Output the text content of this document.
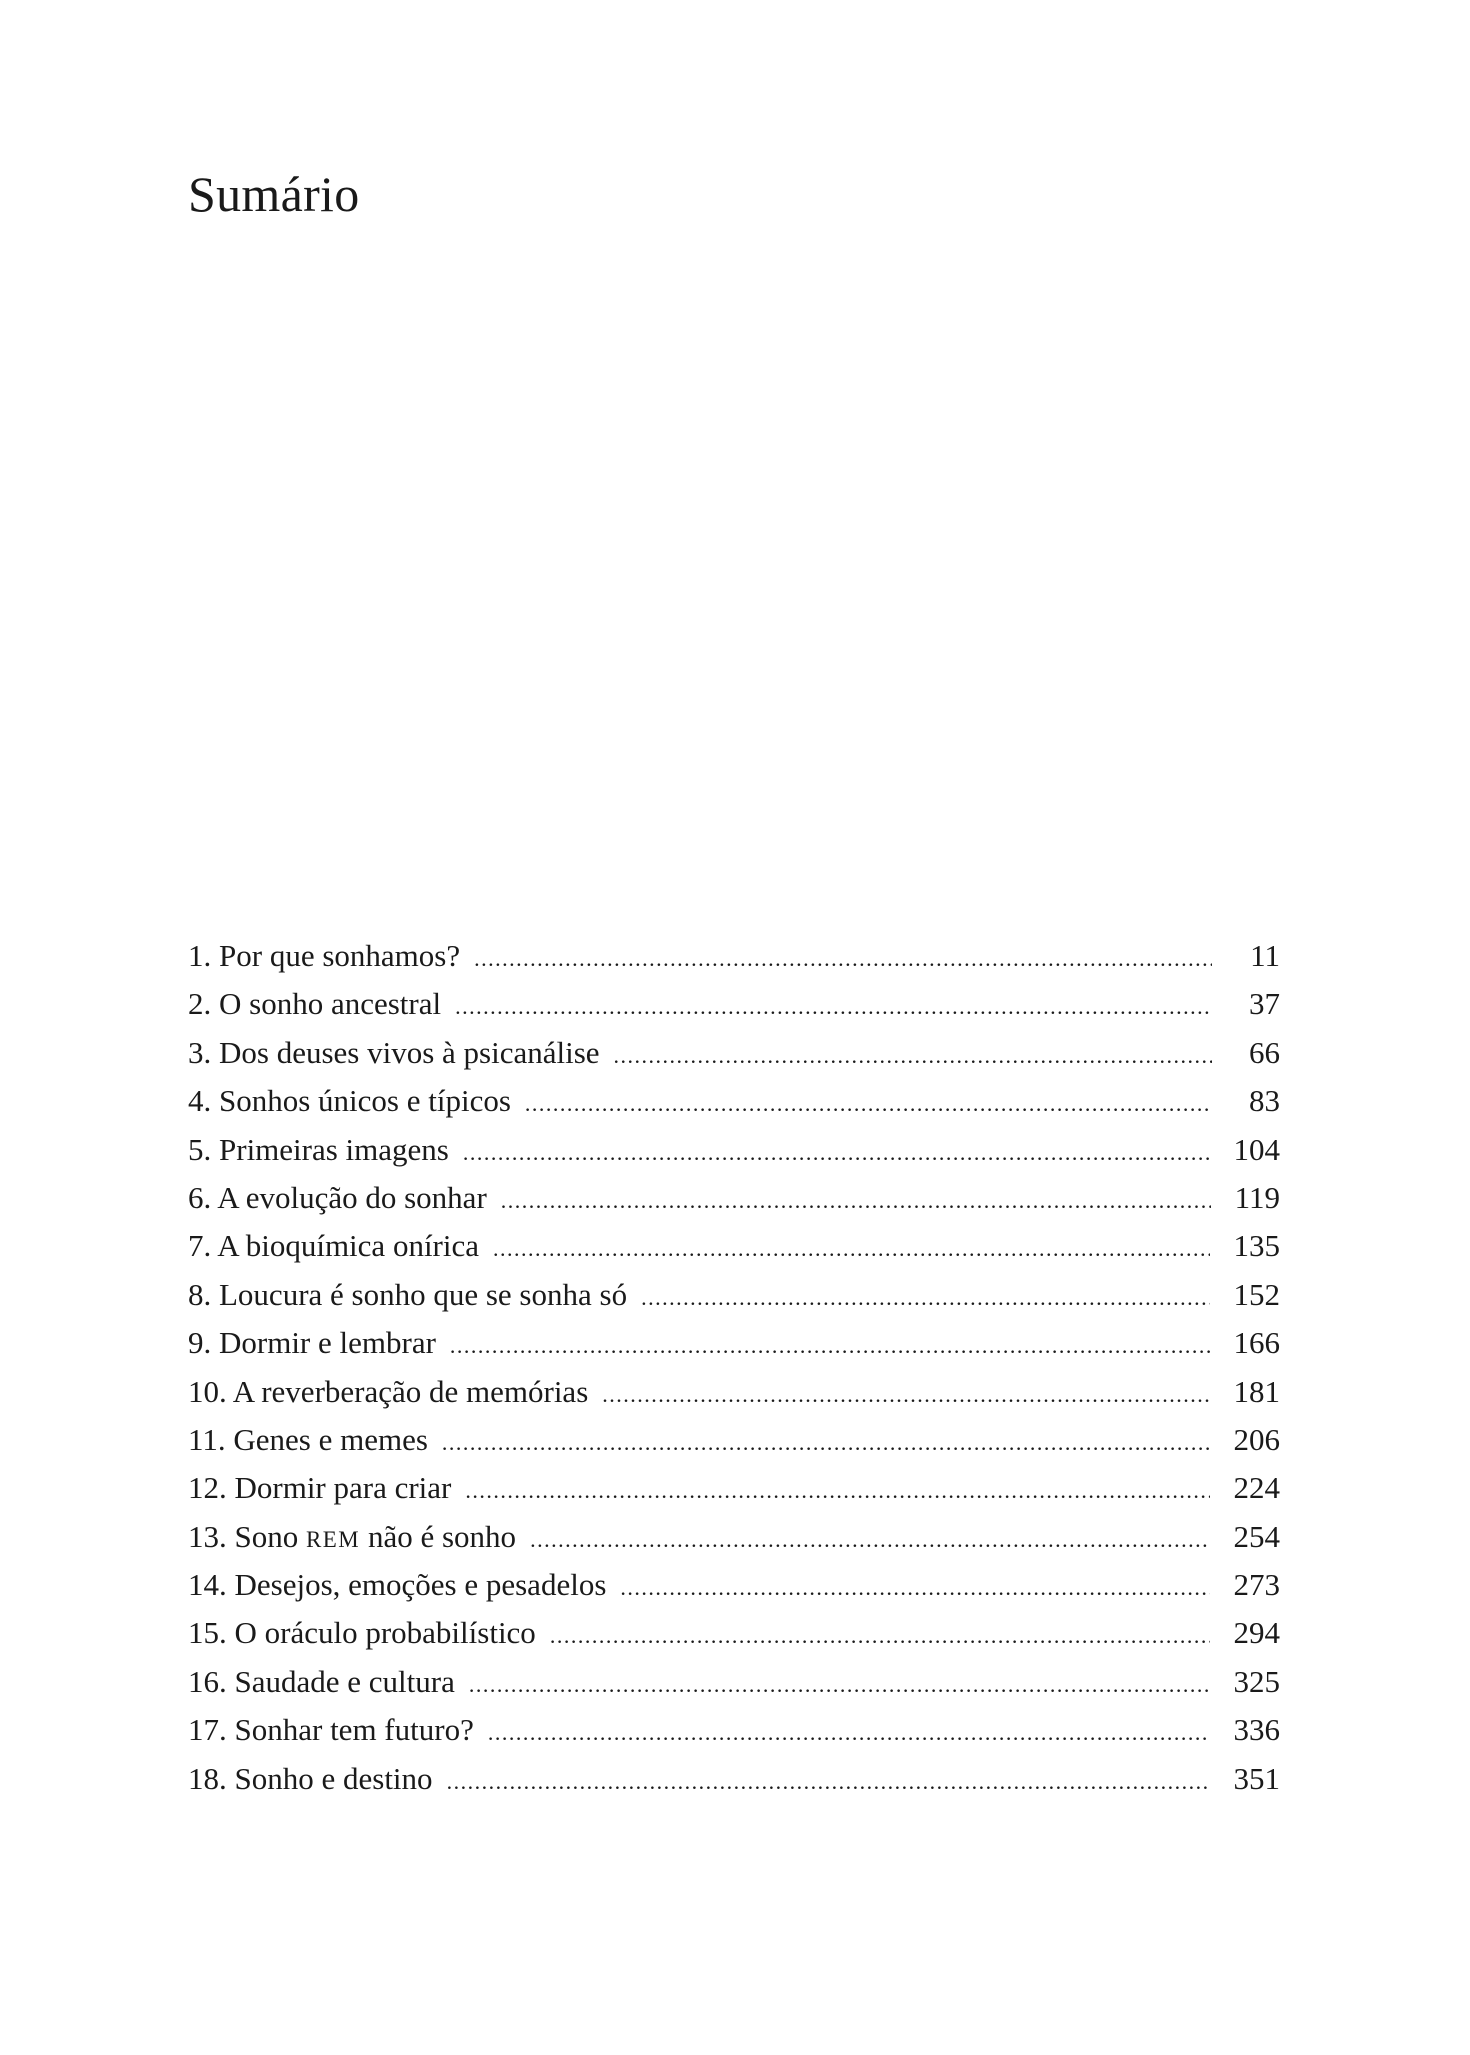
Sumário
1. Por que sonhamos? .....	11
2. O sonho ancestral .....	37
3. Dos deuses vivos à psicanálise .....	66
4. Sonhos únicos e típicos .....	83
5. Primeiras imagens .....	104
6. A evolução do sonhar .....	119
7. A bioquímica onírica .....	135
8. Loucura é sonho que se sonha só .....	152
9. Dormir e lembrar .....	166
10. A reverberação de memórias .....	181
11. Genes e memes .....	206
12. Dormir para criar .....	224
13. Sono REM não é sonho .....	254
14. Desejos, emoções e pesadelos .....	273
15. O oráculo probabilístico .....	294
16. Saudade e cultura .....	325
17. Sonhar tem futuro? .....	336
18. Sonho e destino .....	351
